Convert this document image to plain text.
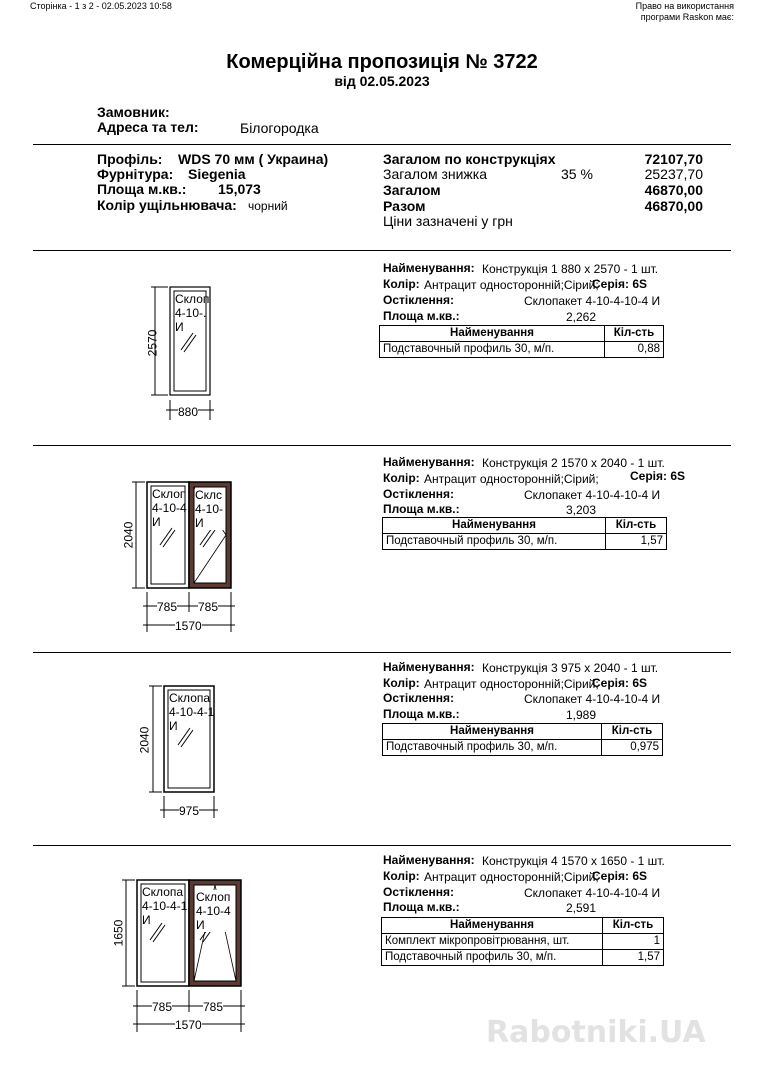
Сторінка - 1 з 2 - 02.05.2023 10:58	Право на використання
програми Raskon має:
Комерційна пропозиція № 3722
від 02.05.2023
Замовник:
Адреса та тел:	Білогородка
Профіль: WDS 70 мм ( Украина)
Фурнітура: Siegenia
Площа м.кв.: 15,073
Колір ущільнювача: чорний
Загалом по конструкціях	72107,70
Загалом знижка	35 %	25237,70
Загалом	46870,00
Разом	46870,00
Ціни зазначені у грн
Найменування: Конструкція 1 880 x 2570 - 1 шт.
Колір: Антрацит односторонній;Сірий;
Серія: 6S
Остіклення:	Склопакет 4-10-4-10-4 И
Площа м.кв.:	2,262
Найменування	Кіл-сть
Подставочный профиль 30, м/п.	0,88
Склоп
4-10-.
И
2570
880
Найменування: Конструкція 2 1570 x 2040 - 1 шт.
Колір: Антрацит односторонній;Сірий;	Серія: 6S
Остіклення:	Склопакет 4-10-4-10-4 И
Площа м.кв.:	3,203
Найменування	Кіл-сть
Подставочный профиль 30, м/п.	1,57
Склоп
4-10-4
И
Склс
4-10-
И
2040
785 785
1570
Найменування: Конструкція 3 975 x 2040 - 1 шт.
Колір: Антрацит односторонній;Сірий;
Серія: 6S
Остіклення:	Склопакет 4-10-4-10-4 И
Площа м.кв.:	1,989
Найменування	Кіл-сть
Подставочный профиль 30, м/п.	0,975
Склопа
4-10-4-1
И
2040
975
Найменування: Конструкція 4 1570 x 1650 - 1 шт.
Колір: Антрацит односторонній;Сірий;
Серія: 6S
Остіклення:	Склопакет 4-10-4-10-4 И
Площа м.кв.:	2,591
Найменування	Кіл-сть
Комплект мікропровітрювання, шт.	1
Подставочный профиль 30, м/п.	1,57
Склопа
4-10-4-1
И
Склоп
4-10-4
И
1650
785	785
1570	Rabotniki.UA
